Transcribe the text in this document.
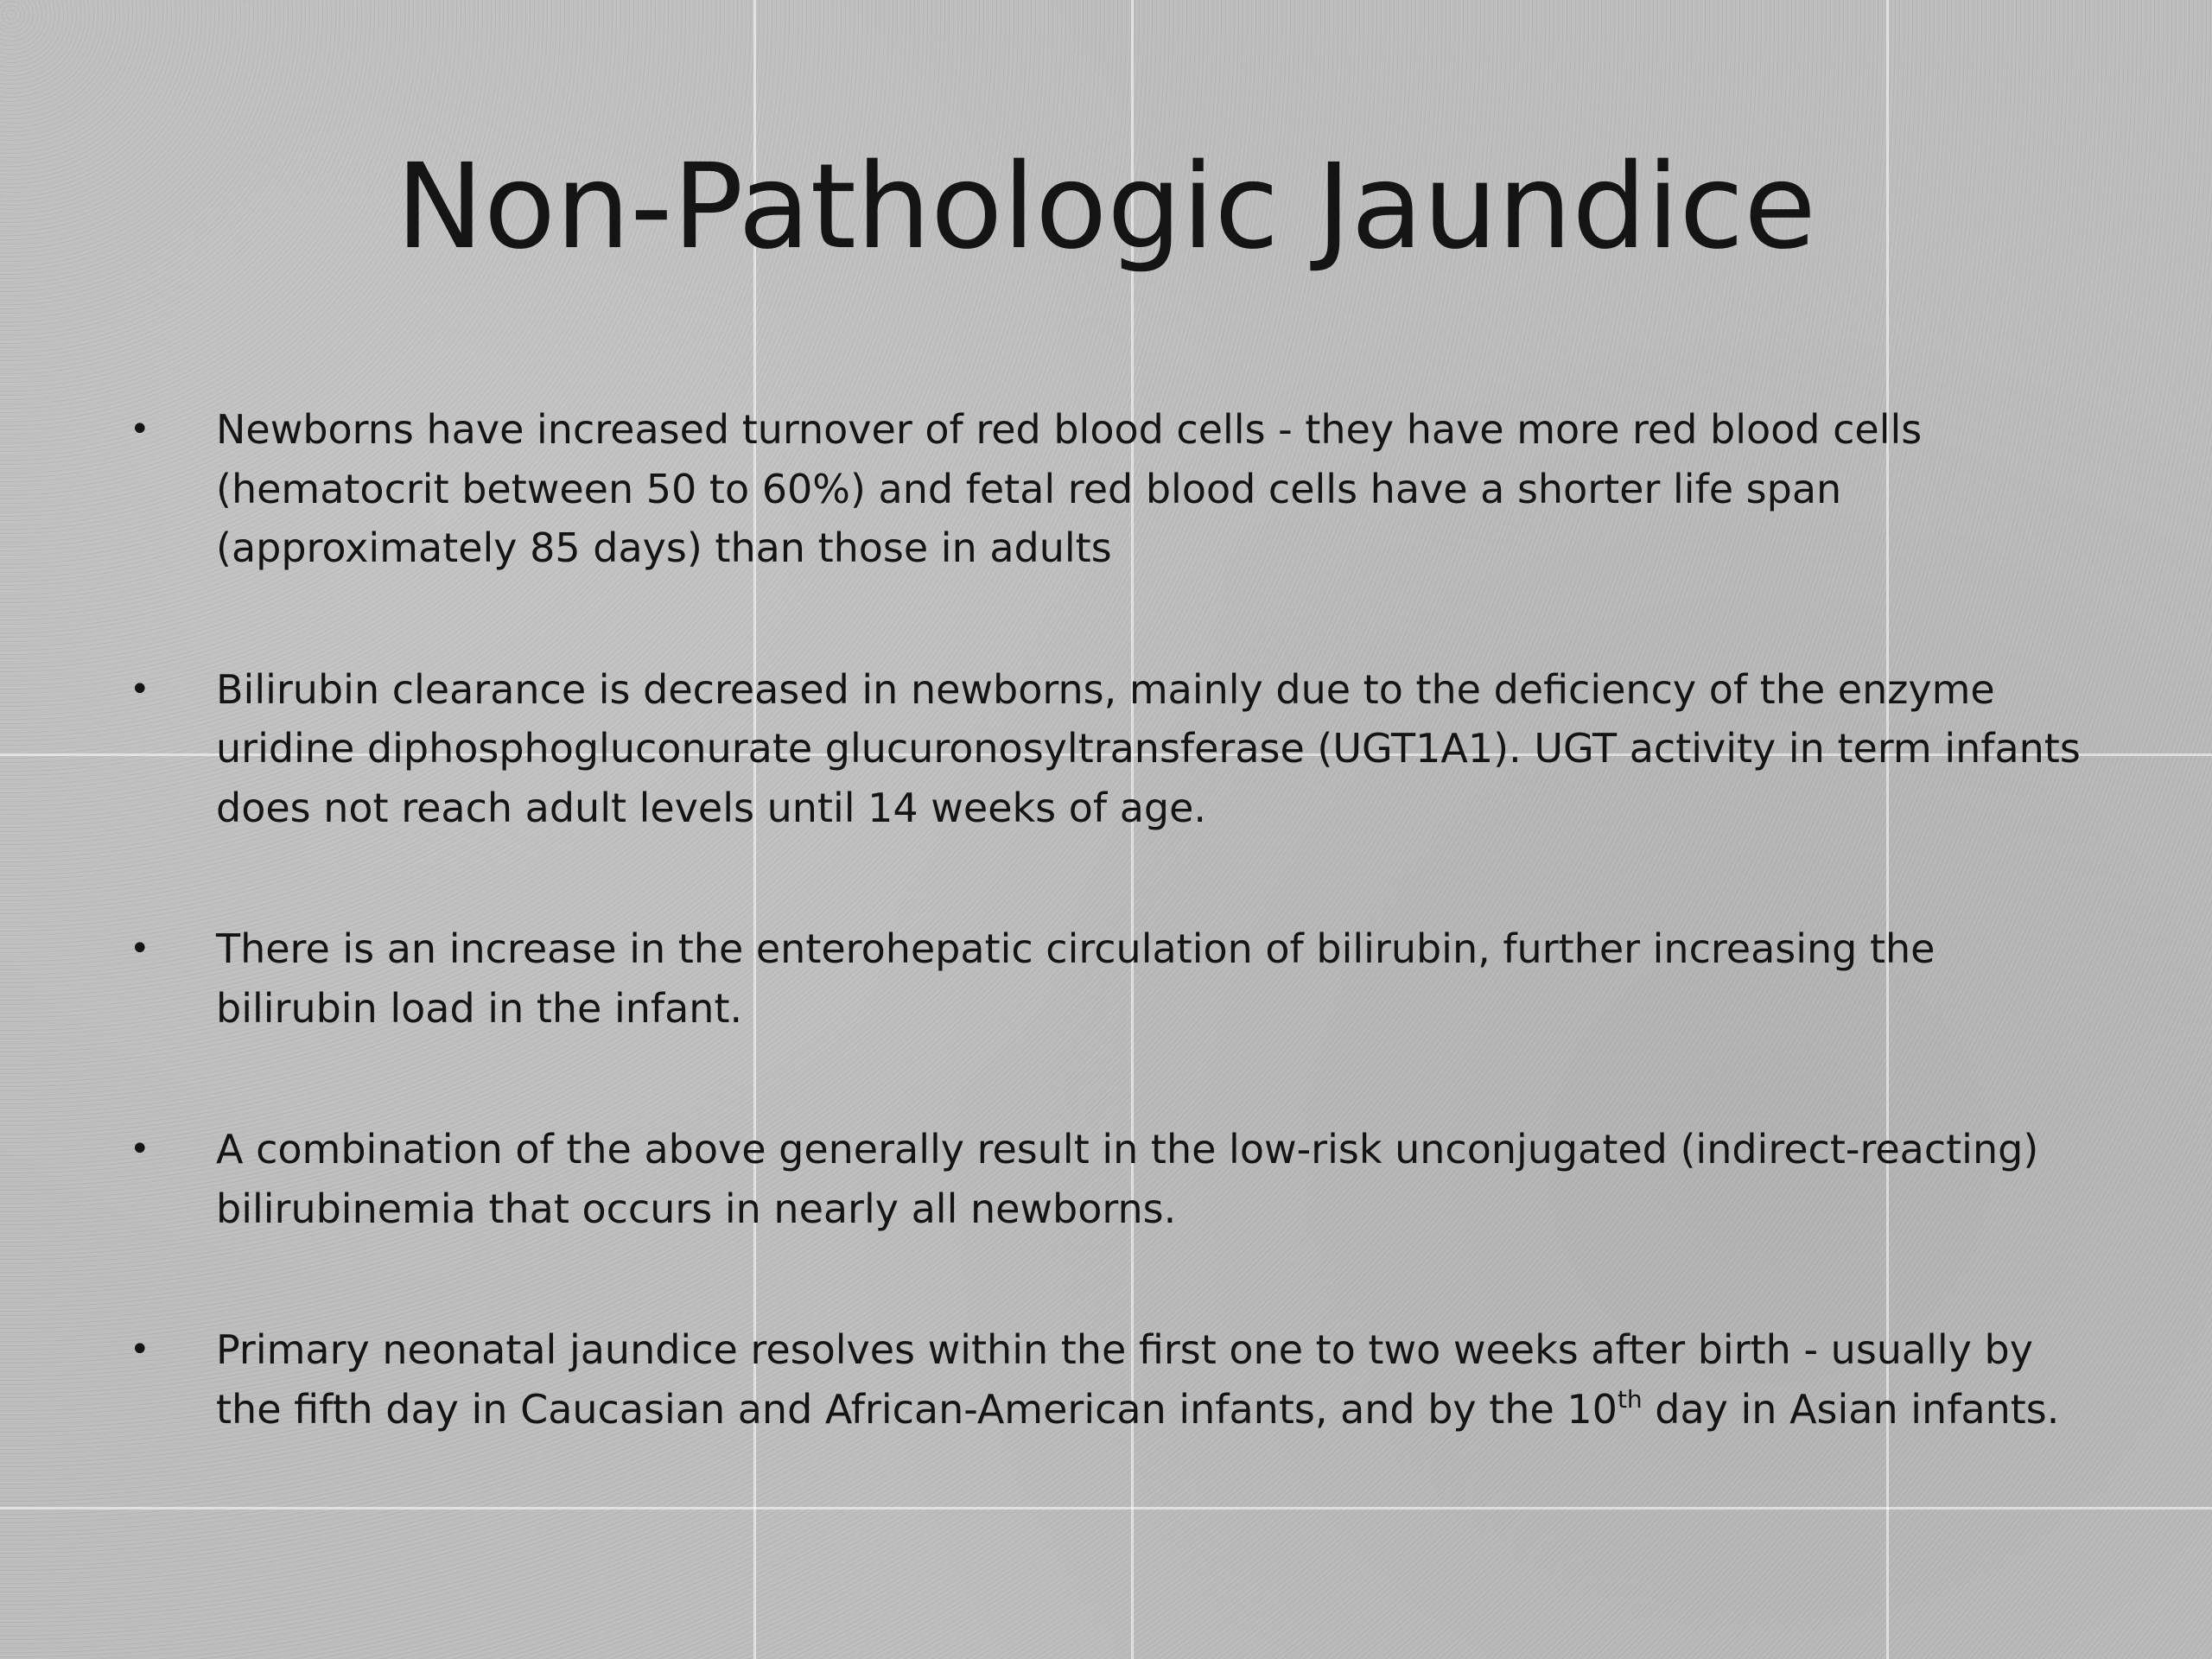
Non-Pathologic Jaundice
• Newborns have increased turnover of red blood cells - they have more red blood cells (hematocrit between 50 to 60%) and fetal red blood cells have a shorter life span (approximately 85 days) than those in adults
• Bilirubin clearance is decreased in newborns, mainly due to the deficiency of the enzyme uridine diphosphogluconurate glucuronosyltransferase (UGT1A1). UGT activity in term infants does not reach adult levels until 14 weeks of age.
• There is an increase in the enterohepatic circulation of bilirubin, further increasing the bilirubin load in the infant.
• A combination of the above generally result in the low-risk unconjugated (indirect-reacting) bilirubinemia that occurs in nearly all newborns.
• Primary neonatal jaundice resolves within the first one to two weeks after birth - usually by the fifth day in Caucasian and African-American infants, and by the 10th day in Asian infants.
